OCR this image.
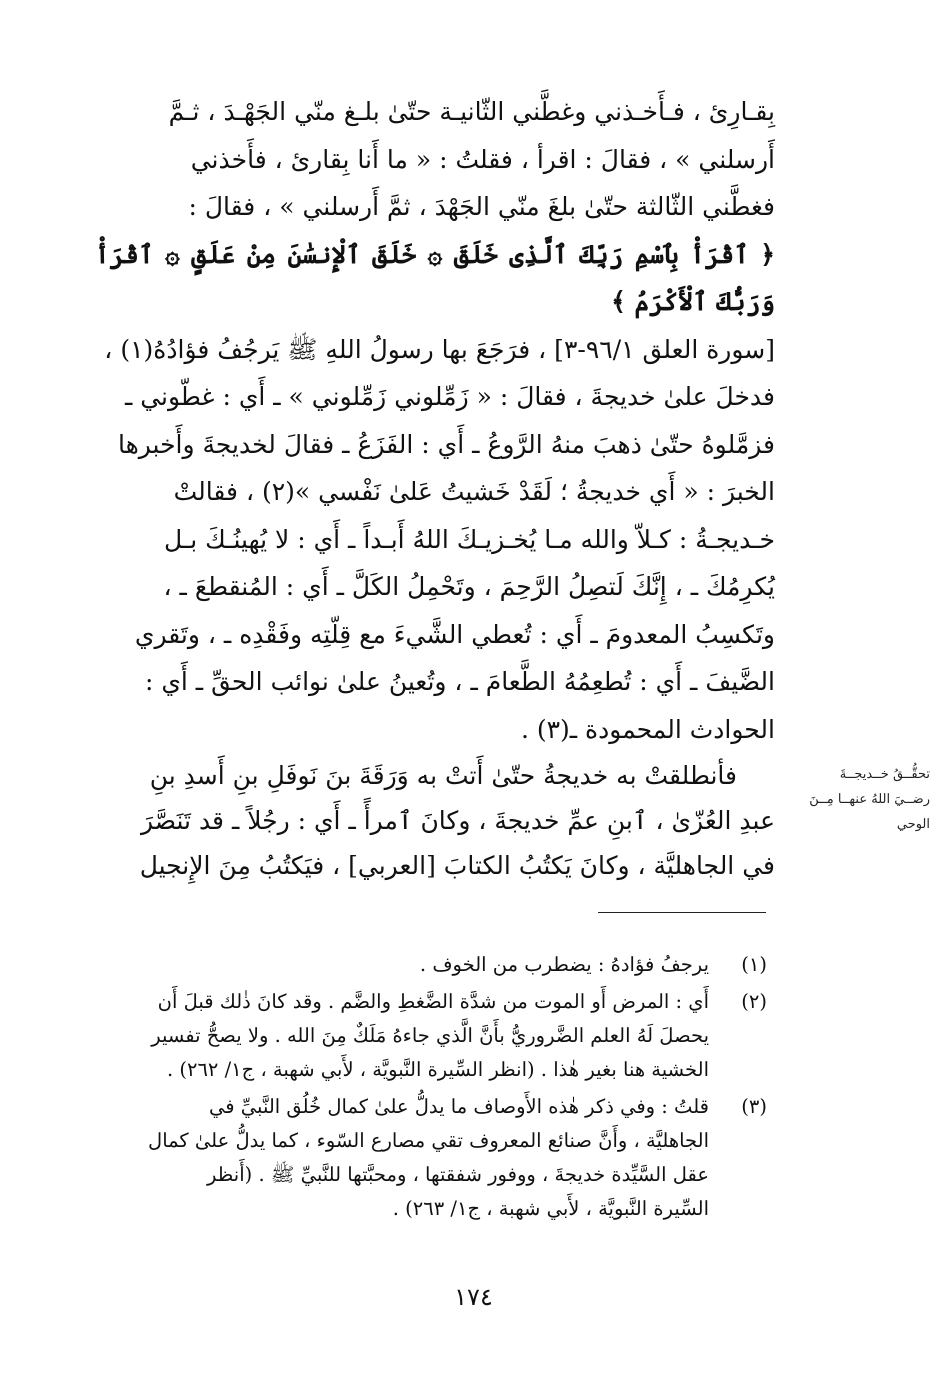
بِقـارِئ ، فـأَخـذني وغطَّني الثّانيـة حتّىٰ بلـغ منّي الجَهْـدَ ، ثـمَّ

أَرسلني » ، فقالَ : اقرأ ، فقلتُ : « ما أَنا بِقارئ ، فأَخذني

فغطَّني الثّالثة حتّىٰ بلغَ منّي الجَهْدَ ، ثمَّ أَرسلني » ، فقالَ :

﴿ ٱقْرَأْ بِٱسْمِ رَبِّكَ ٱلَّذِى خَلَقَ ۞ خَلَقَ ٱلْإِنسَٰنَ مِنْ عَلَقٍ ۞ ٱقْرَأْ وَرَبُّكَ ٱلْأَكْرَمُ ﴾

[سورة العلق ٩٦/١-٣] ، فرَجَعَ بها رسولُ اللهِ ﷺ يَرجُفُ فؤادُهُ(١) ،

فدخلَ علىٰ خديجةَ ، فقالَ : « زَمِّلوني زَمِّلوني » ـ أَي : غطّوني ـ

فزمَّلوهُ حتّىٰ ذهبَ منهُ الرَّوعُ ـ أَي : الفَزَعُ ـ فقالَ لخديجةَ وأَخبرها

الخبرَ : « أَي خديجةُ ؛ لَقَدْ خَشيتُ عَلىٰ نَفْسي »(٢) ، فقالتْ

خـديجـةُ : كـلاّ والله مـا يُخـزيـكَ اللهُ أَبـداً ـ أَي : لا يُهينُـكَ بـل

يُكرِمُكَ ـ ، إِنَّكَ لَتصِلُ الرَّحِمَ ، وتَحْمِلُ الكَلَّ ـ أَي : المُنقطعَ ـ ،

وتَكسِبُ المعدومَ ـ أَي : تُعطي الشَّيءَ مع قِلّتِه وفَقْدِه ـ ، وتَقري

الضَّيفَ ـ أَي : تُطعِمُهُ الطَّعامَ ـ ، وتُعينُ علىٰ نوائب الحقِّ ـ أَي :

الحوادث المحمودة ـ(٣) .

فأنطلقتْ به خديجةُ حتّىٰ أَتتْ به وَرَقَةَ بنَ نَوفَلِ بنِ أَسدِ بنِ

عبدِ العُزّىٰ ، ٱبنِ عمِّ خديجةَ ، وكانَ ٱمرأً ـ أَي : رجُلاً ـ قد تَنَصَّرَ

في الجاهليَّة ، وكانَ يَكتُبُ الكتابَ [العربي] ، فيَكتُبُ مِنَ الإِنجيل

تحقُّــقُ خــديجــةَ
رضــيَ اللهُ عنهــا مِــنَ
الوحي
(١)
يرجفُ فؤادهُ : يضطرب من الخوف .
(٢)
أَي : المرض أَو الموت من شدَّة الضَّغطِ والضَّم . وقد كانَ ذٰلك قبلَ أَن
يحصلَ لَهُ العلم الضَّروريُّ بأَنَّ الَّذي جاءهُ مَلَكٌ مِنَ الله . ولا يصحُّ تفسير
الخشية هنا بغير هٰذا . (انظر السِّيرة النَّبويَّة ، لأَبي شهبة ، ج١/ ٢٦٢) .
(٣)
قلتُ : وفي ذكر هٰذه الأَوصاف ما يدلُّ علىٰ كمال خُلُق النَّبيِّ في
الجاهليَّة ، وأَنَّ صنائع المعروف تقي مصارع السّوء ، كما يدلُّ علىٰ كمال
عقل السَّيِّدة خديجةَ ، ووفور شفقتها ، ومحبَّتها للنَّبيِّ ﷺ . (أَنظر
السِّيرة النَّبويَّة ، لأَبي شهبة ، ج١/ ٢٦٣) .
١٧٤
